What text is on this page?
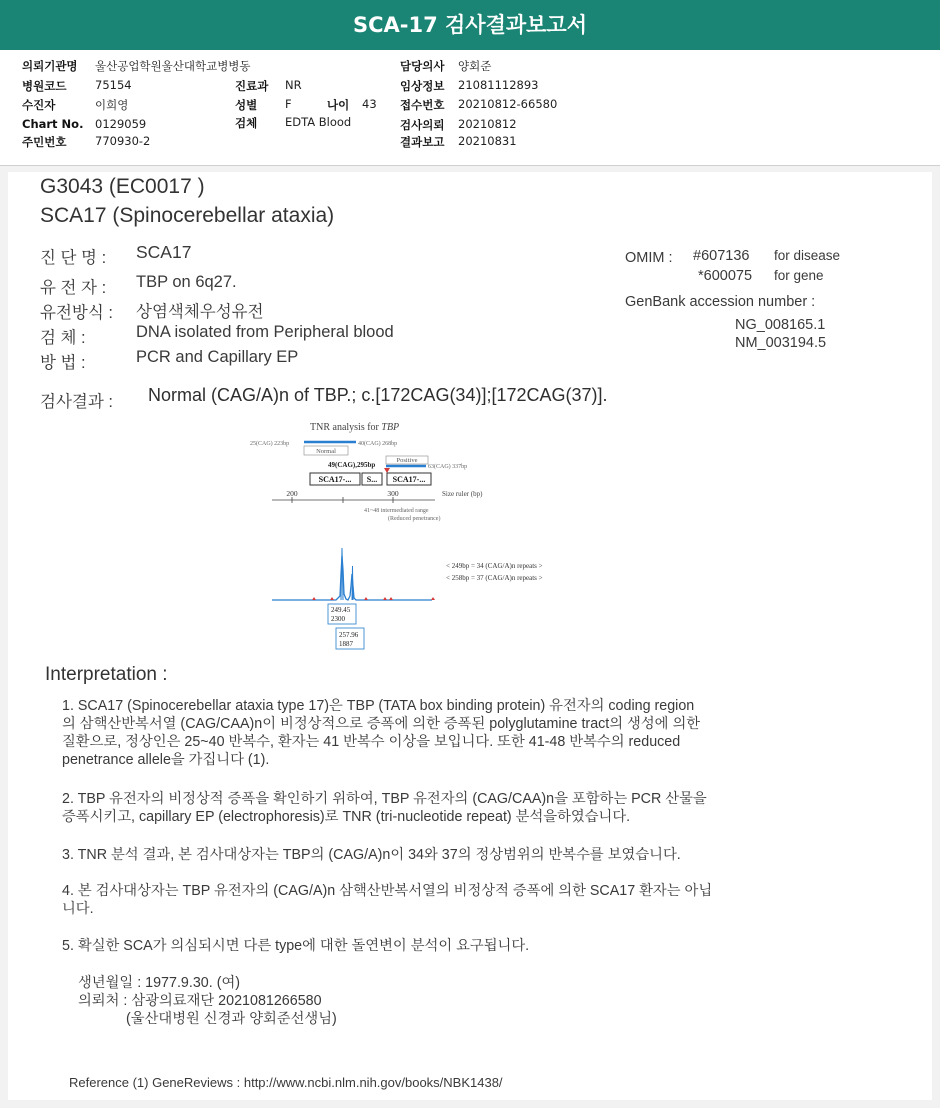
SCA-17 검사결과보고서
의뢰기관명 울산공업학원울산대학교병병동	담당의사 양회준
병원코드 75154	진료과 NR	임상정보 21081112893
수진자	이희영	성별 F	나이 43 접수번호 20210812-66580
Chart No. 0129059	검체 EDTA Blood	검사의뢰 20210812
주민번호 770930-2	결과보고 20210831
G3043 (EC0017 )
SCA17 (Spinocerebellar ataxia)
진 단 명 : SCA17
유 전 자 : TBP on 6q27.
유전방식 : 상염색체우성유전
검 체 :	DNA isolated from Peripheral blood
방 법 :	PCR and Capillary EP
OMIM : #607136 for disease
*600075 for gene
GenBank accession number :
NG_008165.1
NM_003194.5
검사결과 : Normal (CAG/A)n of TBP.; c.[172CAG(34)];[172CAG(37)].
TNR analysis for TBP
25(CAG) 223bp	40(CAG) 268bp
Normal
Positive
49(CAG),295bp	63(CAG) 337bp
SCA17-... S... SCA17-...
200	300	Size ruler (bp)
41~48 intermediated range
(Reduced penetrance)
< 249bp = 34 (CAG/A)n repeats >
< 258bp = 37 (CAG/A)n repeats >
249.45
2300
257.96
1887
Interpretation :
1. SCA17 (Spinocerebellar ataxia type 17)은 TBP (TATA box binding protein) 유전자의 coding region
의 삼핵산반복서열 (CAG/CAA)n이 비정상적으로 증폭에 의한 증폭된 polyglutamine tract의 생성에 의한
질환으로, 정상인은 25~40 반복수, 환자는 41 반복수 이상을 보입니다. 또한 41-48 반복수의 reduced
penetrance allele을 가집니다 (1).
2. TBP 유전자의 비정상적 증폭을 확인하기 위하여, TBP 유전자의 (CAG/CAA)n을 포함하는 PCR 산물을
증폭시키고, capillary EP (electrophoresis)로 TNR (tri-nucleotide repeat) 분석을하였습니다.
3. TNR 분석 결과, 본 검사대상자는 TBP의 (CAG/A)n이 34와 37의 정상범위의 반복수를 보였습니다.
4. 본 검사대상자는 TBP 유전자의 (CAG/A)n 삼핵산반복서열의 비정상적 증폭에 의한 SCA17 환자는 아닙
니다.
5. 확실한 SCA가 의심되시면 다른 type에 대한 돌연변이 분석이 요구됩니다.
생년월일 : 1977.9.30. (여)
의뢰처 : 삼광의료재단 2021081266580
(울산대병원 신경과 양회준선생님)
Reference (1) GeneReviews : http://www.ncbi.nlm.nih.gov/books/NBK1438/
